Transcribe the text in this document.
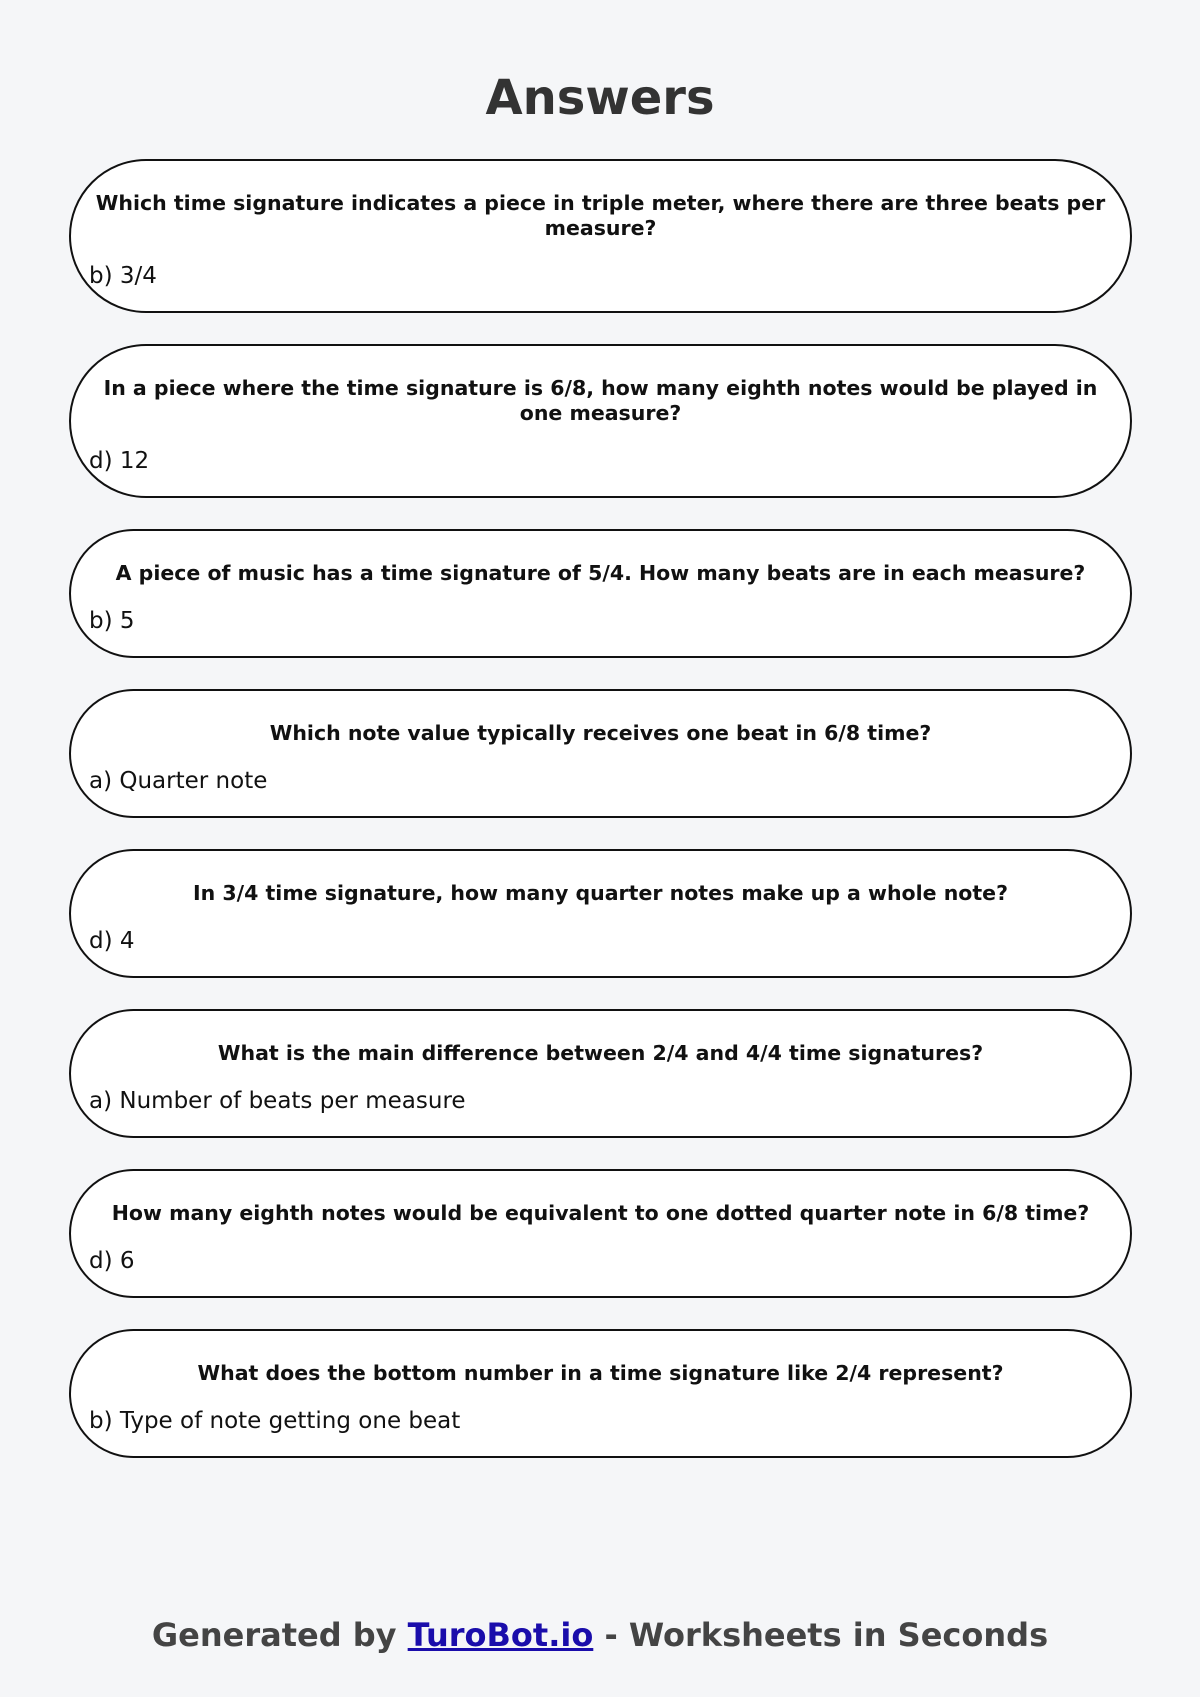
Answers

Which time signature indicates a piece in triple meter, where there are three beats per measure?

b) 3/4

In a piece where the time signature is 6/8, how many eighth notes would be played in one measure?

d) 12

A piece of music has a time signature of 5/4. How many beats are in each measure?

b) 5

Which note value typically receives one beat in 6/8 time?

a) Quarter note

In 3/4 time signature, how many quarter notes make up a whole note?

d) 4

What is the main difference between 2/4 and 4/4 time signatures?

a) Number of beats per measure

How many eighth notes would be equivalent to one dotted quarter note in 6/8 time?

d) 6

What does the bottom number in a time signature like 2/4 represent?

b) Type of note getting one beat

Generated by TuroBot.io - Worksheets in Seconds
